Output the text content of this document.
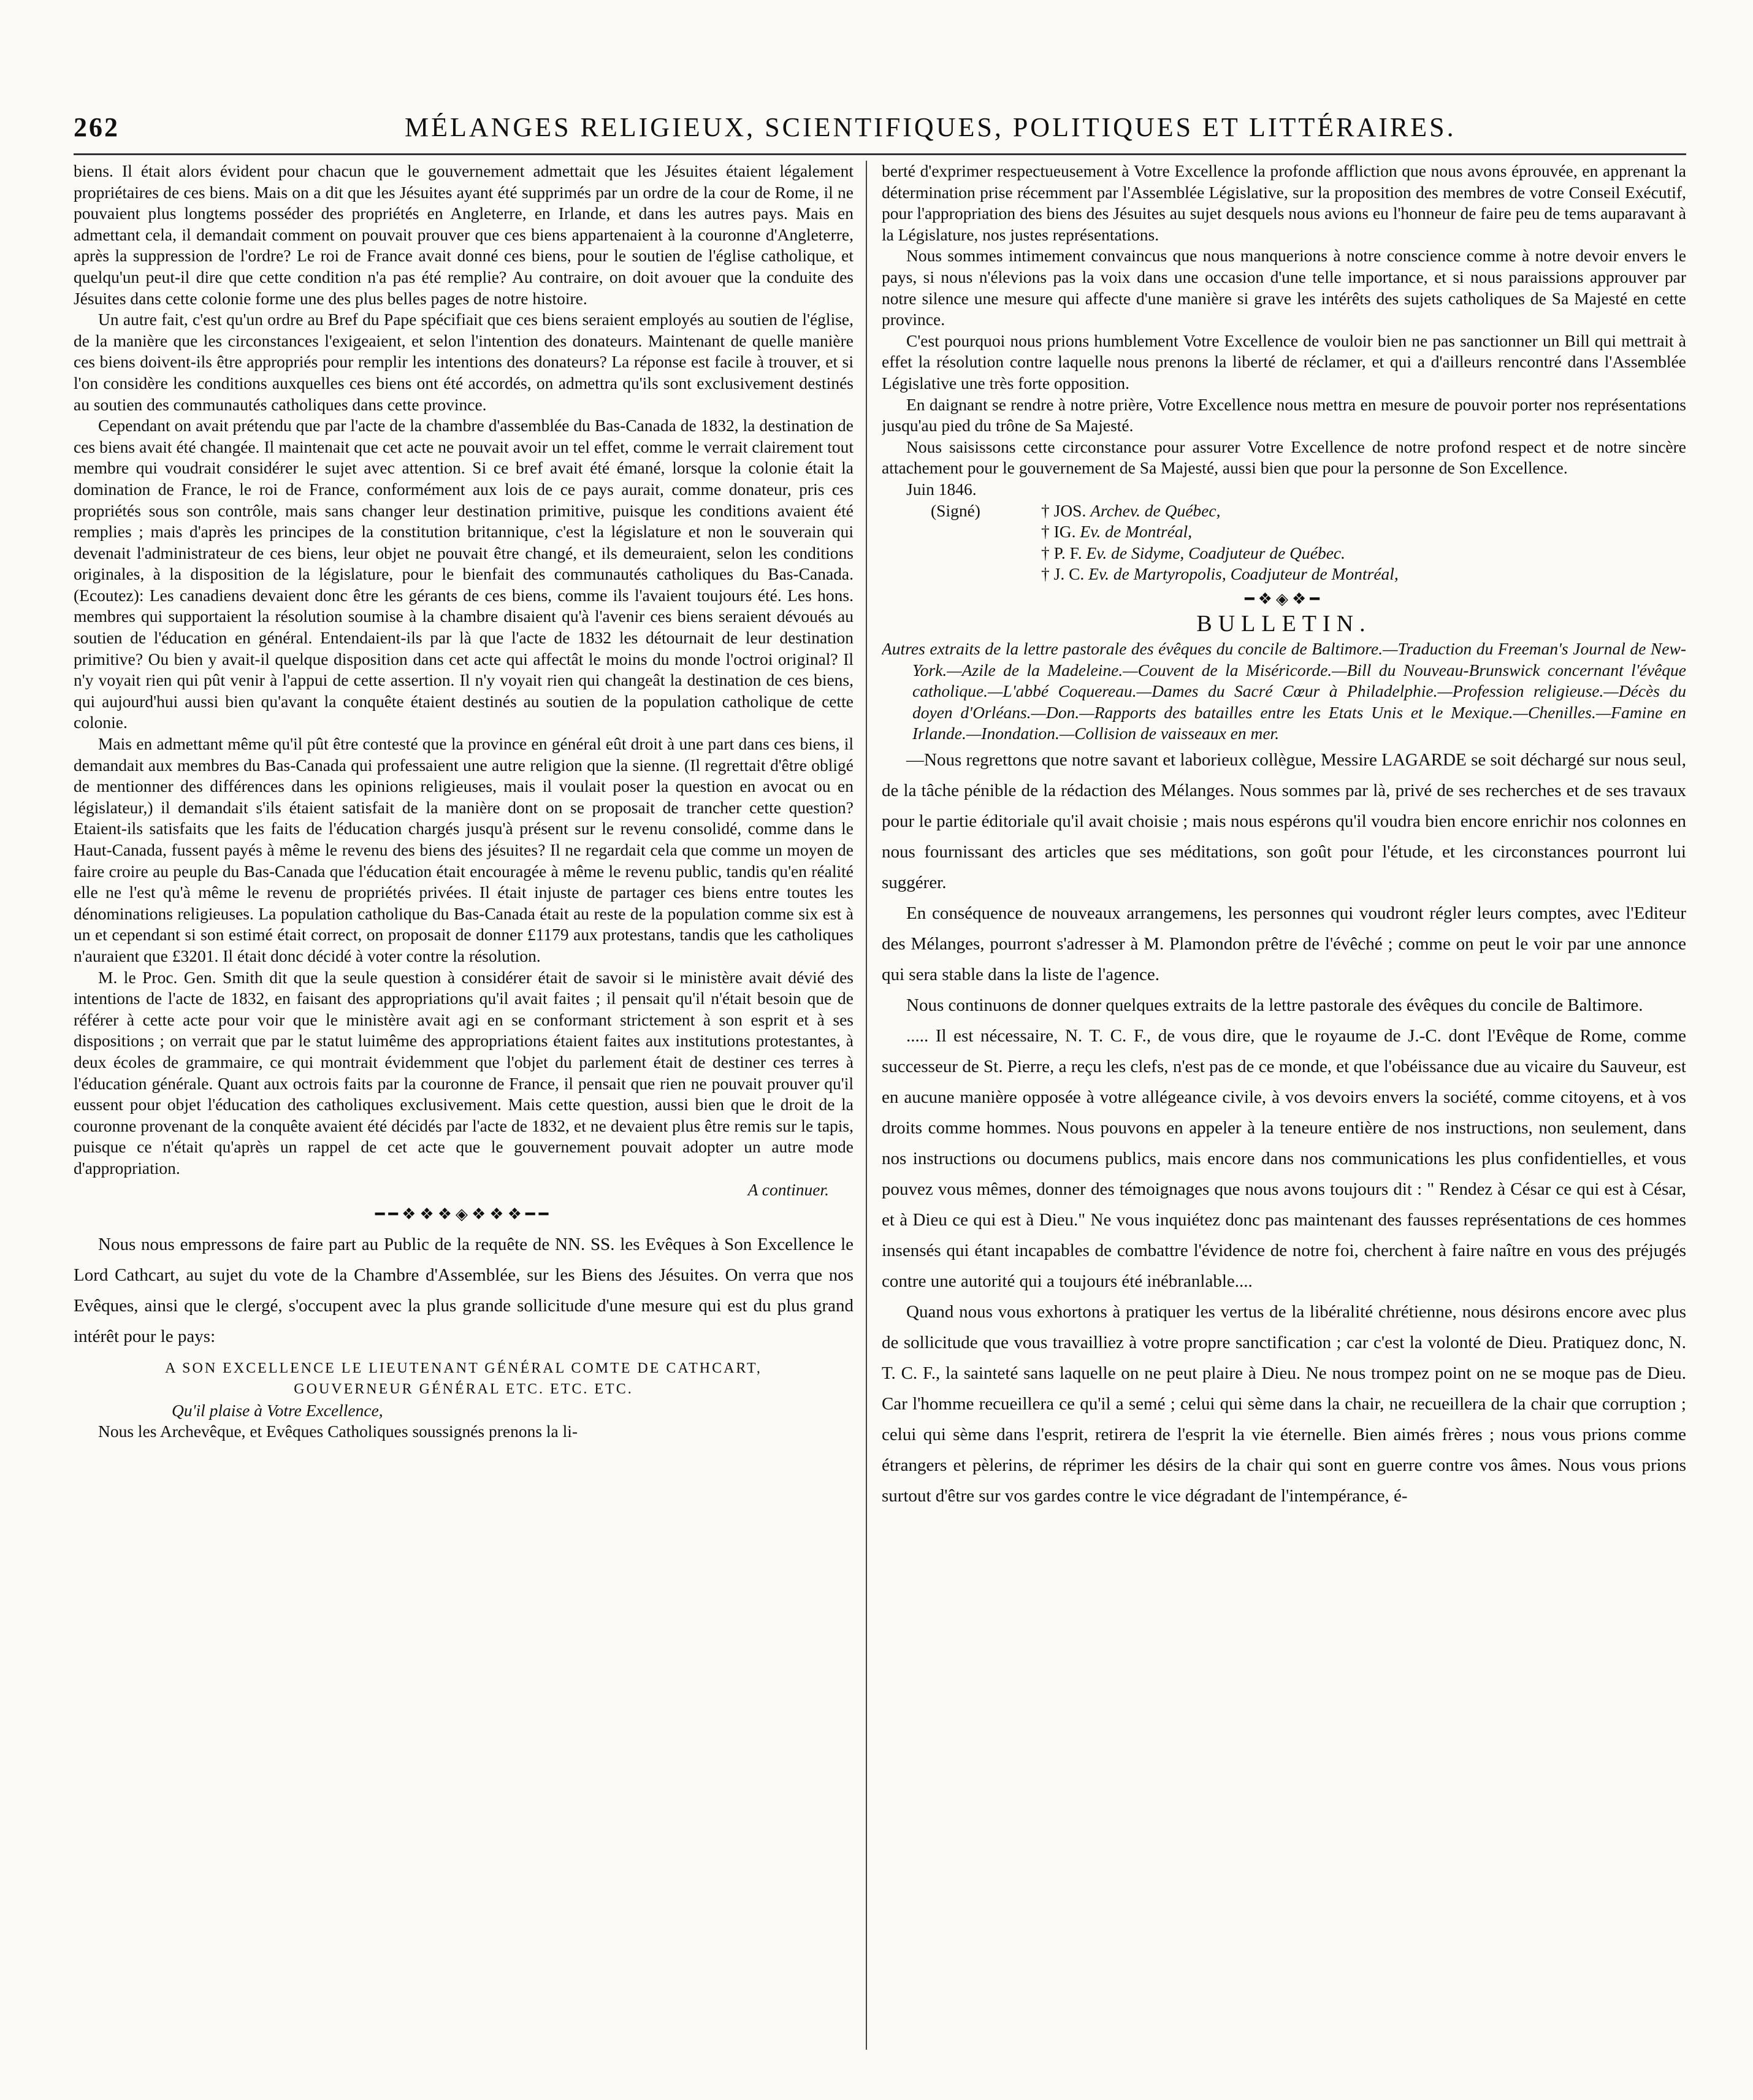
262	MÉLANGES RELIGIEUX, SCIENTIFIQUES, POLITIQUES ET LITTÉRAIRES.

biens. Il était alors évident pour chacun que le gouvernement admettait que les Jésuites étaient légalement propriétaires de ces biens. Mais on a dit que les Jésuites ayant été supprimés par un ordre de la cour de Rome, il ne pouvaient plus longtems posséder des propriétés en Angleterre, en Irlande, et dans les autres pays. Mais en admettant cela, il demandait comment on pouvait prouver que ces biens appartenaient à la couronne d'Angleterre, après la suppression de l'ordre? Le roi de France avait donné ces biens, pour le soutien de l'église catholique, et quelqu'un peut-il dire que cette condition n'a pas été remplie? Au contraire, on doit avouer que la conduite des Jésuites dans cette colonie forme une des plus belles pages de notre histoire.

Un autre fait, c'est qu'un ordre au Bref du Pape spécifiait que ces biens seraient employés au soutien de l'église, de la manière que les circonstances l'exigeaient, et selon l'intention des donateurs. Maintenant de quelle manière ces biens doivent-ils être appropriés pour remplir les intentions des donateurs? La réponse est facile à trouver, et si l'on considère les conditions auxquelles ces biens ont été accordés, on admettra qu'ils sont exclusivement destinés au soutien des communautés catholiques dans cette province.

Cependant on avait prétendu que par l'acte de la chambre d'assemblée du Bas-Canada de 1832, la destination de ces biens avait été changée. Il maintenait que cet acte ne pouvait avoir un tel effet, comme le verrait clairement tout membre qui voudrait considérer le sujet avec attention. Si ce bref avait été émané, lorsque la colonie était la domination de France, le roi de France, conformément aux lois de ce pays aurait, comme donateur, pris ces propriétés sous son contrôle, mais sans changer leur destination primitive, puisque les conditions avaient été remplies ; mais d'après les principes de la constitution britannique, c'est la législature et non le souverain qui devenait l'administrateur de ces biens, leur objet ne pouvait être changé, et ils demeuraient, selon les conditions originales, à la disposition de la législature, pour le bienfait des communautés catholiques du Bas-Canada. (Ecoutez): Les canadiens devaient donc être les gérants de ces biens, comme ils l'avaient toujours été. Les hons. membres qui supportaient la résolution soumise à la chambre disaient qu'à l'avenir ces biens seraient dévoués au soutien de l'éducation en général. Entendaient-ils par là que l'acte de 1832 les détournait de leur destination primitive? Ou bien y avait-il quelque disposition dans cet acte qui affectât le moins du monde l'octroi original? Il n'y voyait rien qui pût venir à l'appui de cette assertion. Il n'y voyait rien qui changeât la destination de ces biens, qui aujourd'hui aussi bien qu'avant la conquête étaient destinés au soutien de la population catholique de cette colonie.

Mais en admettant même qu'il pût être contesté que la province en général eût droit à une part dans ces biens, il demandait aux membres du Bas-Canada qui professaient une autre religion que la sienne. (Il regrettait d'être obligé de mentionner des différences dans les opinions religieuses, mais il voulait poser la question en avocat ou en législateur,) il demandait s'ils étaient satisfait de la manière dont on se proposait de trancher cette question? Etaient-ils satisfaits que les faits de l'éducation chargés jusqu'à présent sur le revenu consolidé, comme dans le Haut-Canada, fussent payés à même le revenu des biens des jésuites? Il ne regardait cela que comme un moyen de faire croire au peuple du Bas-Canada que l'éducation était encouragée à même le revenu public, tandis qu'en réalité elle ne l'est qu'à même le revenu de propriétés privées. Il était injuste de partager ces biens entre toutes les dénominations religieuses. La population catholique du Bas-Canada était au reste de la population comme six est à un et cependant si son estimé était correct, on proposait de donner £1179 aux protestans, tandis que les catholiques n'auraient que £3201. Il était donc décidé à voter contre la résolution.

M. le Proc. Gen. Smith dit que la seule question à considérer était de savoir si le ministère avait dévié des intentions de l'acte de 1832, en faisant des appropriations qu'il avait faites ; il pensait qu'il n'était besoin que de référer à cette acte pour voir que le ministère avait agi en se conformant strictement à son esprit et à ses dispositions ; on verrait que par le statut luimême des appropriations étaient faites aux institutions protestantes, à deux écoles de grammaire, ce qui montrait évidemment que l'objet du parlement était de destiner ces terres à l'éducation générale. Quant aux octrois faits par la couronne de France, il pensait que rien ne pouvait prouver qu'il eussent pour objet l'éducation des catholiques exclusivement. Mais cette question, aussi bien que le droit de la couronne provenant de la conquête avaient été décidés par l'acte de 1832, et ne devaient plus être remis sur le tapis, puisque ce n'était qu'après un rappel de cet acte que le gouvernement pouvait adopter un autre mode d'appropriation.

A continuer.

━━❖❖❖◈❖❖❖━━

Nous nous empressons de faire part au Public de la requête de NN. SS. les Evêques à Son Excellence le Lord Cathcart, au sujet du vote de la Chambre d'Assemblée, sur les Biens des Jésuites. On verra que nos Evêques, ainsi que le clergé, s'occupent avec la plus grande sollicitude d'une mesure qui est du plus grand intérêt pour le pays:

A SON EXCELLENCE LE LIEUTENANT GÉNÉRAL COMTE DE CATHCART,

GOUVERNEUR GÉNÉRAL ETC. ETC. ETC.

Qu'il plaise à Votre Excellence,

Nous les Archevêque, et Evêques Catholiques soussignés prenons la li-

berté d'exprimer respectueusement à Votre Excellence la profonde affliction que nous avons éprouvée, en apprenant la détermination prise récemment par l'Assemblée Législative, sur la proposition des membres de votre Conseil Exécutif, pour l'appropriation des biens des Jésuites au sujet desquels nous avions eu l'honneur de faire peu de tems auparavant à la Législature, nos justes représentations.

Nous sommes intimement convaincus que nous manquerions à notre conscience comme à notre devoir envers le pays, si nous n'élevions pas la voix dans une occasion d'une telle importance, et si nous paraissions approuver par notre silence une mesure qui affecte d'une manière si grave les intérêts des sujets catholiques de Sa Majesté en cette province.

C'est pourquoi nous prions humblement Votre Excellence de vouloir bien ne pas sanctionner un Bill qui mettrait à effet la résolution contre laquelle nous prenons la liberté de réclamer, et qui a d'ailleurs rencontré dans l'Assemblée Législative une très forte opposition.

En daignant se rendre à notre prière, Votre Excellence nous mettra en mesure de pouvoir porter nos représentations jusqu'au pied du trône de Sa Majesté.

Nous saisissons cette circonstance pour assurer Votre Excellence de notre profond respect et de notre sincère attachement pour le gouvernement de Sa Majesté, aussi bien que pour la personne de Son Excellence.

Juin 1846.

(Signé)	† JOS. Archev. de Québec,
† IG. Ev. de Montréal,
† P. F. Ev. de Sidyme, Coadjuteur de Québec.
† J. C. Ev. de Martyropolis, Coadjuteur de Montréal,
━❖◈❖━

BULLETIN.

Autres extraits de la lettre pastorale des évêques du concile de Baltimore.—Traduction du Freeman's Journal de New-York.—Azile de la Madeleine.—Couvent de la Miséricorde.—Bill du Nouveau-Brunswick concernant l'évêque catholique.—L'abbé Coquereau.—Dames du Sacré Cœur à Philadelphie.—Profession religieuse.—Décès du doyen d'Orléans.—Don.—Rapports des batailles entre les Etats Unis et le Mexique.—Chenilles.—Famine en Irlande.—Inondation.—Collision de vaisseaux en mer.

—Nous regrettons que notre savant et laborieux collègue, Messire LAGARDE se soit déchargé sur nous seul, de la tâche pénible de la rédaction des Mélanges. Nous sommes par là, privé de ses recherches et de ses travaux pour le partie éditoriale qu'il avait choisie ; mais nous espérons qu'il voudra bien encore enrichir nos colonnes en nous fournissant des articles que ses méditations, son goût pour l'étude, et les circonstances pourront lui suggérer.

En conséquence de nouveaux arrangemens, les personnes qui voudront régler leurs comptes, avec l'Editeur des Mélanges, pourront s'adresser à M. Plamondon prêtre de l'évêché ; comme on peut le voir par une annonce qui sera stable dans la liste de l'agence.

Nous continuons de donner quelques extraits de la lettre pastorale des évêques du concile de Baltimore.

..... Il est nécessaire, N. T. C. F., de vous dire, que le royaume de J.-C. dont l'Evêque de Rome, comme successeur de St. Pierre, a reçu les clefs, n'est pas de ce monde, et que l'obéissance due au vicaire du Sauveur, est en aucune manière opposée à votre allégeance civile, à vos devoirs envers la société, comme citoyens, et à vos droits comme hommes. Nous pouvons en appeler à la teneure entière de nos instructions, non seulement, dans nos instructions ou documens publics, mais encore dans nos communications les plus confidentielles, et vous pouvez vous mêmes, donner des témoignages que nous avons toujours dit : " Rendez à César ce qui est à César, et à Dieu ce qui est à Dieu." Ne vous inquiétez donc pas maintenant des fausses représentations de ces hommes insensés qui étant incapables de combattre l'évidence de notre foi, cherchent à faire naître en vous des préjugés contre une autorité qui a toujours été inébranlable....

Quand nous vous exhortons à pratiquer les vertus de la libéralité chrétienne, nous désirons encore avec plus de sollicitude que vous travailliez à votre propre sanctification ; car c'est la volonté de Dieu. Pratiquez donc, N. T. C. F., la sainteté sans laquelle on ne peut plaire à Dieu. Ne nous trompez point on ne se moque pas de Dieu. Car l'homme recueillera ce qu'il a semé ; celui qui sème dans la chair, ne recueillera de la chair que corruption ; celui qui sème dans l'esprit, retirera de l'esprit la vie éternelle. Bien aimés frères ; nous vous prions comme étrangers et pèlerins, de réprimer les désirs de la chair qui sont en guerre contre vos âmes. Nous vous prions surtout d'être sur vos gardes contre le vice dégradant de l'intempérance, é-
